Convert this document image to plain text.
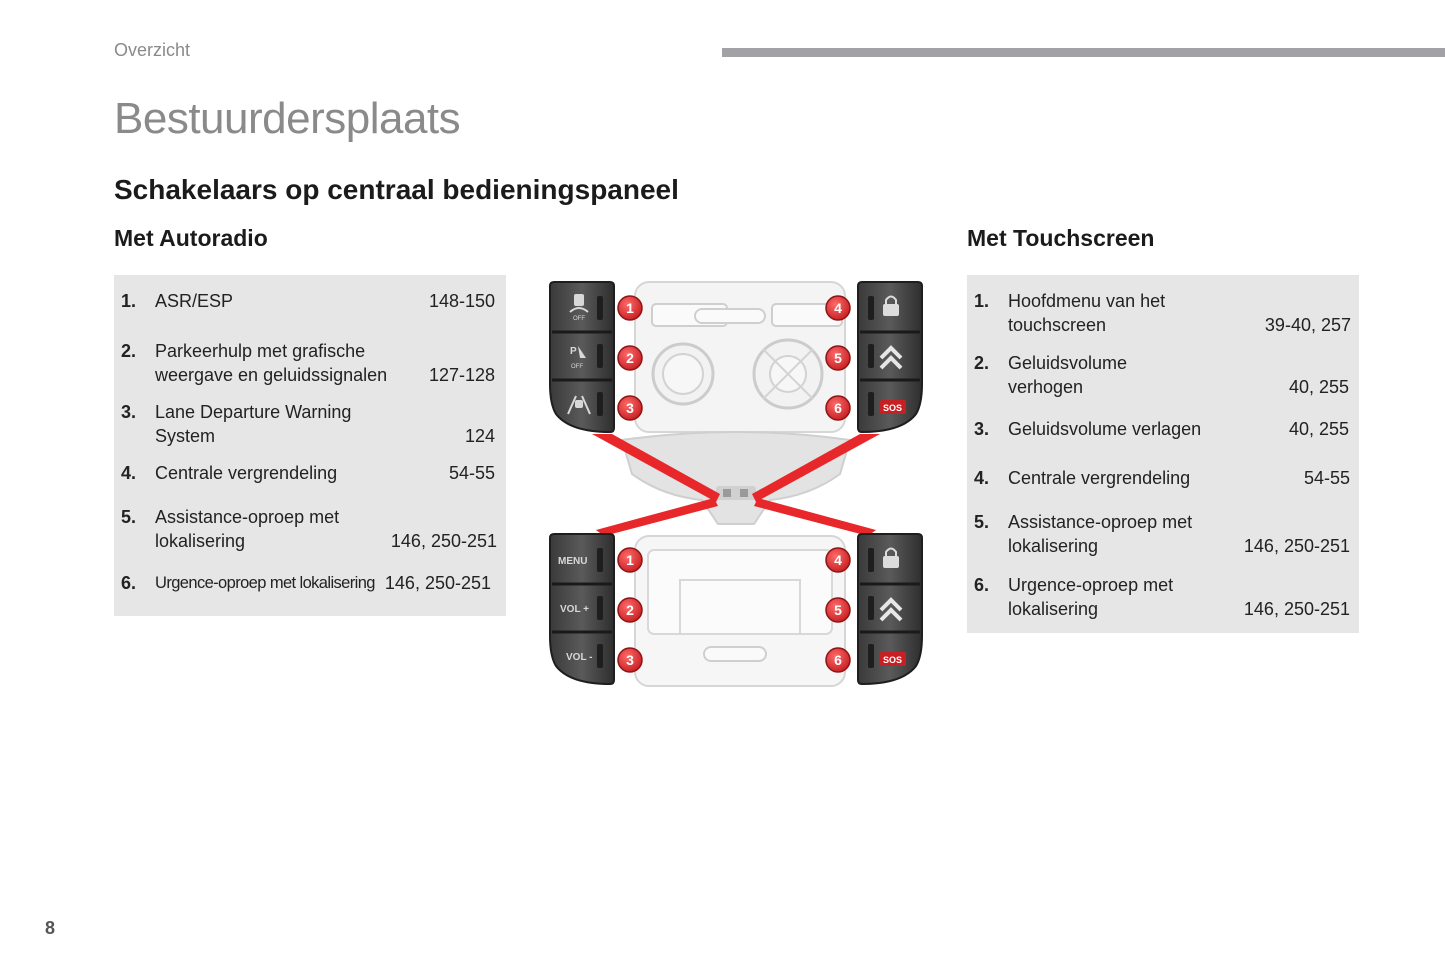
Overzicht
Bestuurdersplaats
Schakelaars op centraal bedieningspaneel
Met Autoradio	Met Touchscreen
1. ASR/ESP	148-150
2. Parkeerhulp met grafische weergave en geluidssignalen	127-128
3. Lane Departure Warning System	124
4. Centrale vergrendeling	54-55
5. Assistance-oproep met lokalisering	146, 250-251
6. Urgence-oproep met lokalisering 146, 250-251
1. Hoofdmenu van het touchscreen	39-40, 257
2. Geluidsvolume verhogen	40, 255
3. Geluidsvolume verlagen	40, 255
4. Centrale vergrendeling	54-55
5. Assistance-oproep met lokalisering	146, 250-251
6. Urgence-oproep met lokalisering	146, 250-251
OFF
P
OFF
SOS
MENU
VOL +
VOL -	SOS
1
2
3
4
5
6
1
2
3
4
5
6
8
